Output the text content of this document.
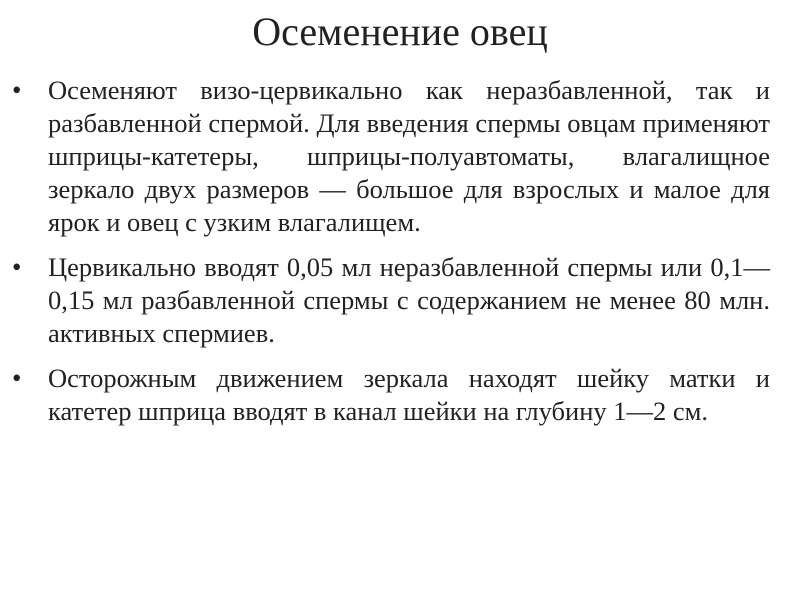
Осеменение овец
• Осеменяют визо-цервикально как неразбавленной, так и разбавленной спермой. Для введения спермы овцам применяют шприцы-катетеры, шприцы-полуавтоматы, влагалищное зеркало двух размеров — большое для взрослых и малое для ярок и овец с узким влагалищем.
• Цервикально вводят 0,05 мл неразбавленной спермы или 0,1— 0,15 мл разбавленной спермы с содержанием не менее 80 млн. активных спермиев.
• Осторожным движением зеркала находят шейку матки и катетер шприца вводят в канал шейки на глубину 1—2 см.
